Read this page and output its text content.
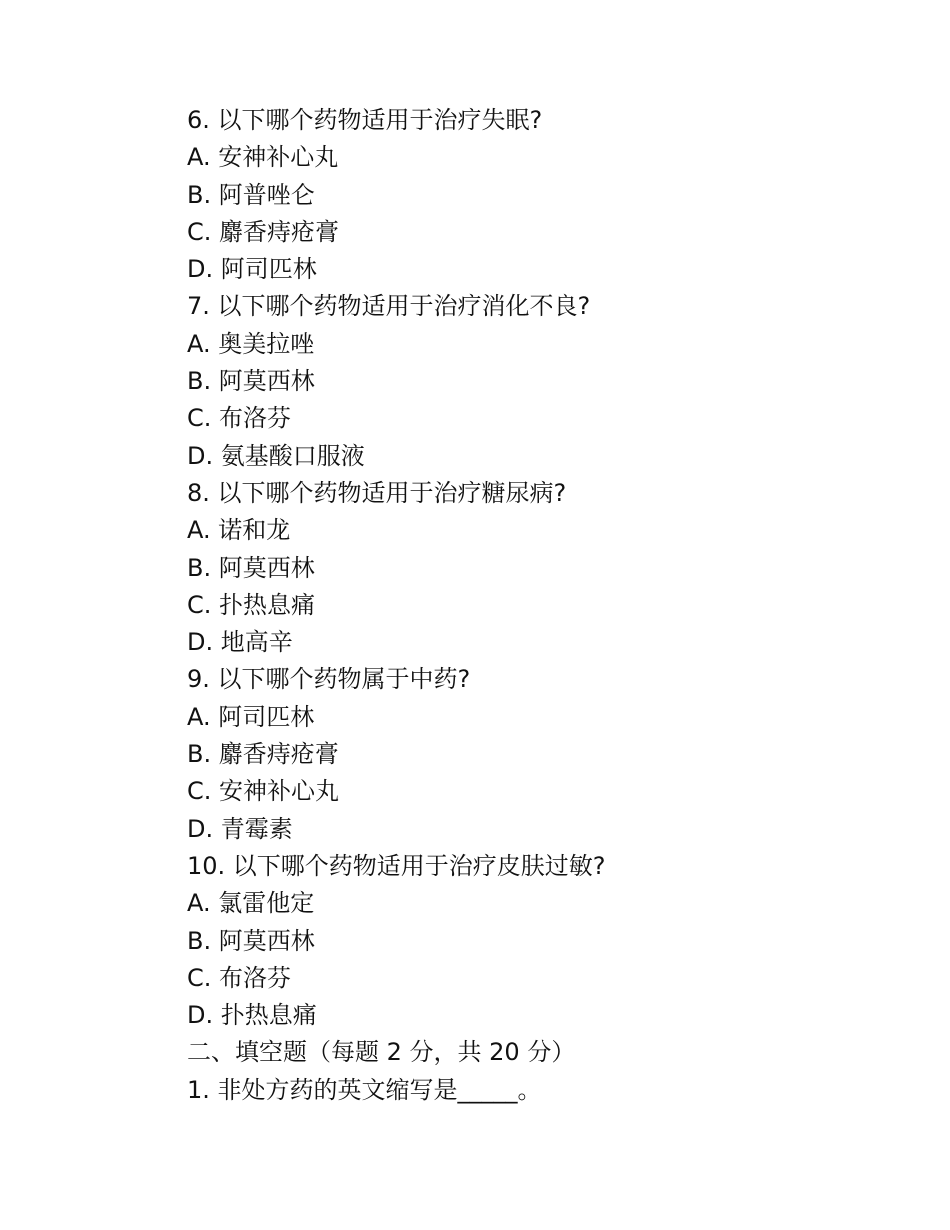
6. 以下哪个药物适用于治疗失眠?
A. 安神补心丸
B. 阿普唑仑
C. 麝香痔疮膏
D. 阿司匹林
7. 以下哪个药物适用于治疗消化不良?
A. 奥美拉唑
B. 阿莫西林
C. 布洛芬
D. 氨基酸口服液
8. 以下哪个药物适用于治疗糖尿病?
A. 诺和龙
B. 阿莫西林
C. 扑热息痛
D. 地高辛
9. 以下哪个药物属于中药?
A. 阿司匹林
B. 麝香痔疮膏
C. 安神补心丸
D. 青霉素
10. 以下哪个药物适用于治疗皮肤过敏?
A. 氯雷他定
B. 阿莫西林
C. 布洛芬
D. 扑热息痛
二、填空题（每题 2 分，共 20 分）
1. 非处方药的英文缩写是_____。
